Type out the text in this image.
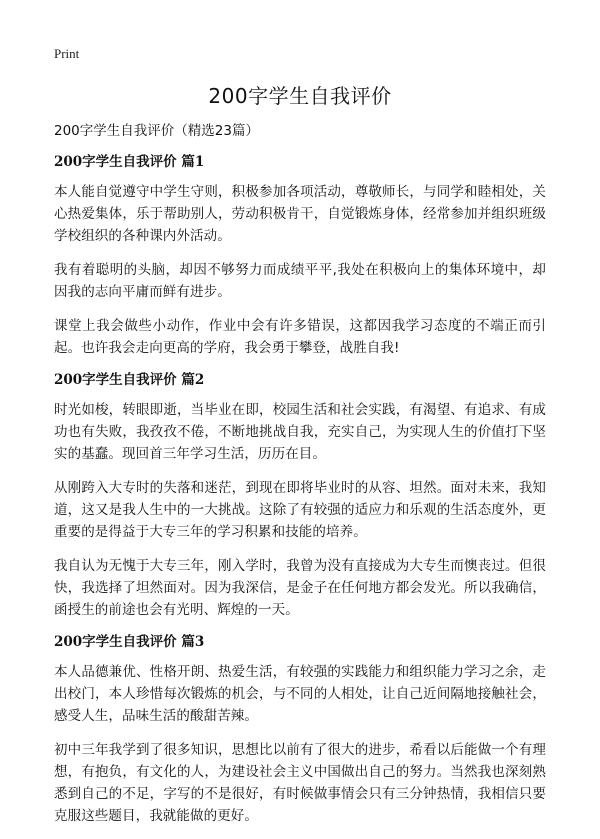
Print
200字学生自我评价

200字学生自我评价（精选23篇）

200字学生自我评价 篇1

本人能自觉遵守中学生守则，积极参加各项活动，尊敬师长，与同学和睦相处，关心热爱集体，乐于帮助别人，劳动积极肯干，自觉锻炼身体，经常参加并组织班级学校组织的各种课内外活动。

我有着聪明的头脑，却因不够努力而成绩平平,我处在积极向上的集体环境中，却因我的志向平庸而鲜有进步。

课堂上我会做些小动作，作业中会有许多错误，这都因我学习态度的不端正而引起。也许我会走向更高的学府，我会勇于攀登，战胜自我!

200字学生自我评价 篇2

时光如梭，转眼即逝，当毕业在即，校园生活和社会实践，有渴望、有追求、有成功也有失败，我孜孜不倦，不断地挑战自我，充实自己，为实现人生的价值打下坚实的基蠢。现回首三年学习生活，历历在目。

从刚跨入大专时的失落和迷茫，到现在即将毕业时的从容、坦然。面对未来，我知道，这又是我人生中的一大挑战。这除了有较强的适应力和乐观的生活态度外，更重要的是得益于大专三年的学习积累和技能的培养。

我自认为无愧于大专三年，刚入学时，我曾为没有直接成为大专生而懊丧过。但很快，我选择了坦然面对。因为我深信，是金子在任何地方都会发光。所以我确信，函授生的前途也会有光明、辉煌的一天。

200字学生自我评价 篇3

本人品德兼优、性格开朗、热爱生活，有较强的实践能力和组织能力学习之余，走出校门，本人珍惜每次锻炼的机会，与不同的人相处，让自己近间隔地接触社会，感受人生，品味生活的酸甜苦辣。

初中三年我学到了很多知识，思想比以前有了很大的进步，希看以后能做一个有理想，有抱负，有文化的人，为建设社会主义中国做出自己的努力。当然我也深刻熟悉到自己的不足，字写的不是很好，有时候做事情会只有三分钟热情，我相信只要克服这些题目，我就能做的更好。
